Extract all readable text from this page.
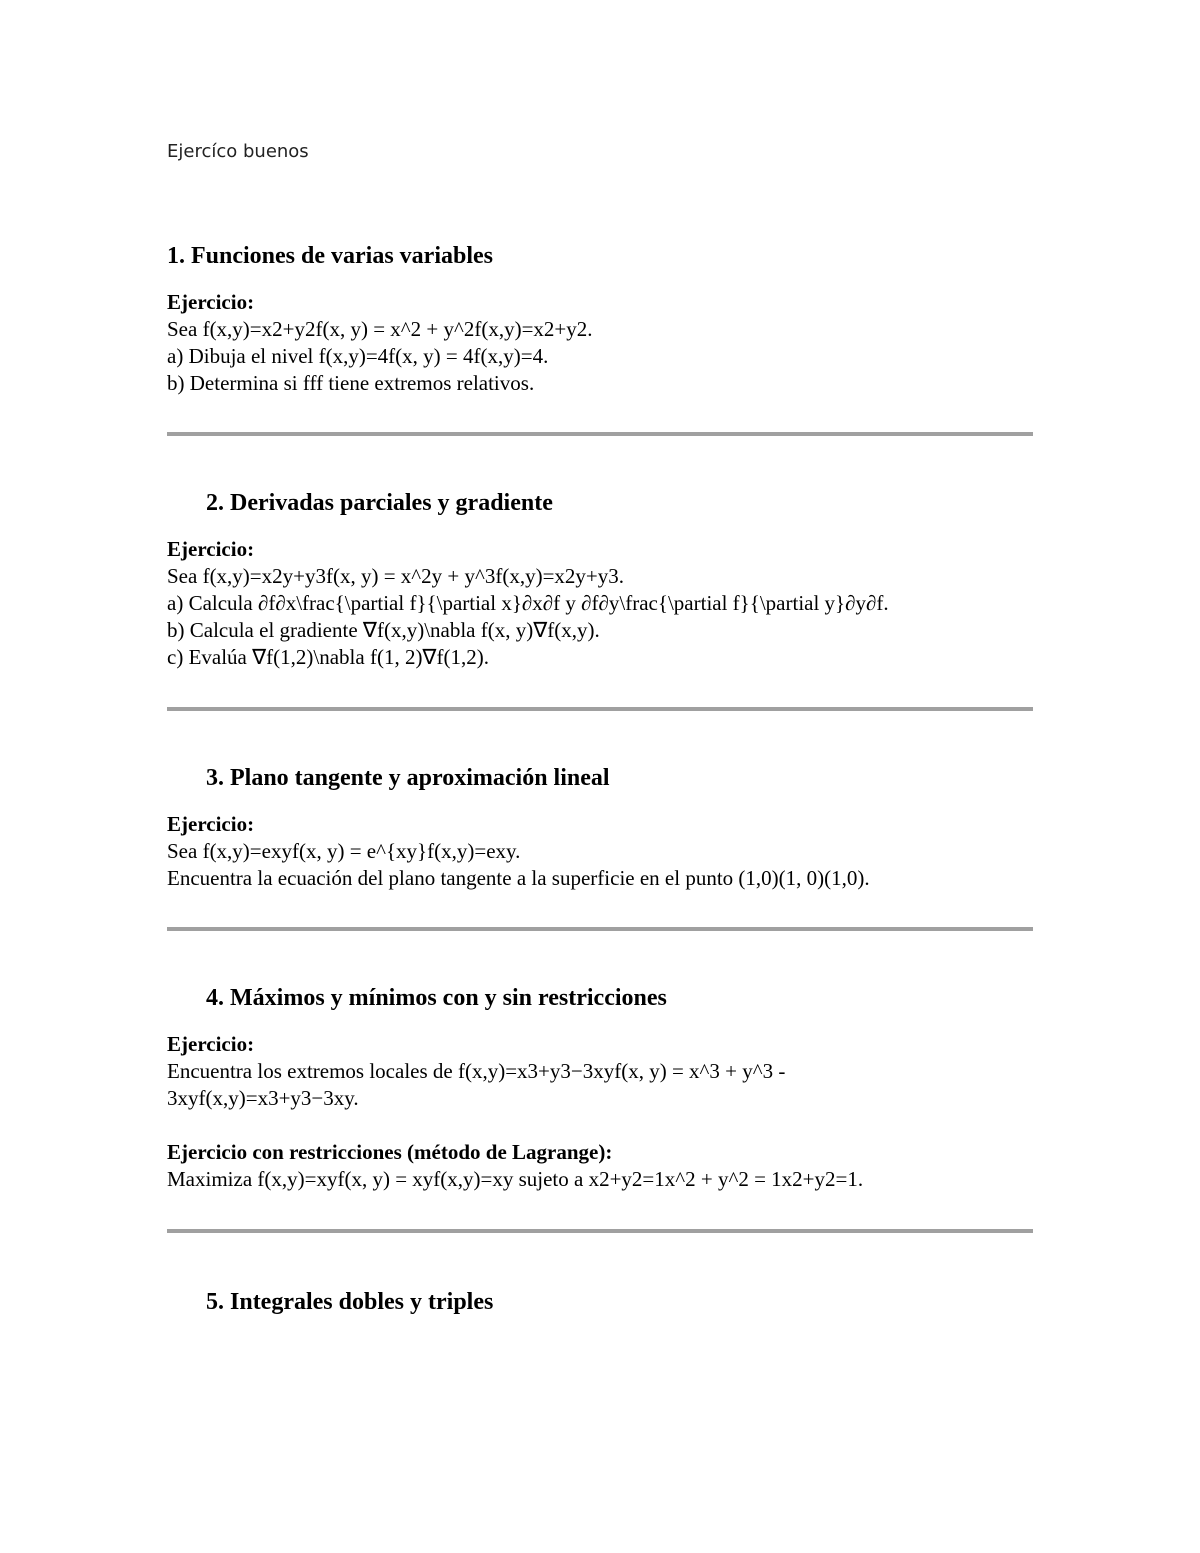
Ejercíco buenos
1. Funciones de varias variables
Ejercicio:
Sea f(x,y)=x2+y2f(x, y) = x^2 + y^2f(x,y)=x2+y2.
a) Dibuja el nivel f(x,y)=4f(x, y) = 4f(x,y)=4.
b) Determina si fff tiene extremos relativos.
2. Derivadas parciales y gradiente
Ejercicio:
Sea f(x,y)=x2y+y3f(x, y) = x^2y + y^3f(x,y)=x2y+y3.
a) Calcula ∂f∂x\frac{\partial f}{\partial x}∂x∂f y ∂f∂y\frac{\partial f}{\partial y}∂y∂f.
b) Calcula el gradiente ∇f(x,y)\nabla f(x, y)∇f(x,y).
c) Evalúa ∇f(1,2)\nabla f(1, 2)∇f(1,2).
3. Plano tangente y aproximación lineal
Ejercicio:
Sea f(x,y)=exyf(x, y) = e^{xy}f(x,y)=exy.
Encuentra la ecuación del plano tangente a la superficie en el punto (1,0)(1, 0)(1,0).
4. Máximos y mínimos con y sin restricciones
Ejercicio:
Encuentra los extremos locales de f(x,y)=x3+y3−3xyf(x, y) = x^3 + y^3 -
3xyf(x,y)=x3+y3−3xy.
Ejercicio con restricciones (método de Lagrange):
Maximiza f(x,y)=xyf(x, y) = xyf(x,y)=xy sujeto a x2+y2=1x^2 + y^2 = 1x2+y2=1.
5. Integrales dobles y triples
